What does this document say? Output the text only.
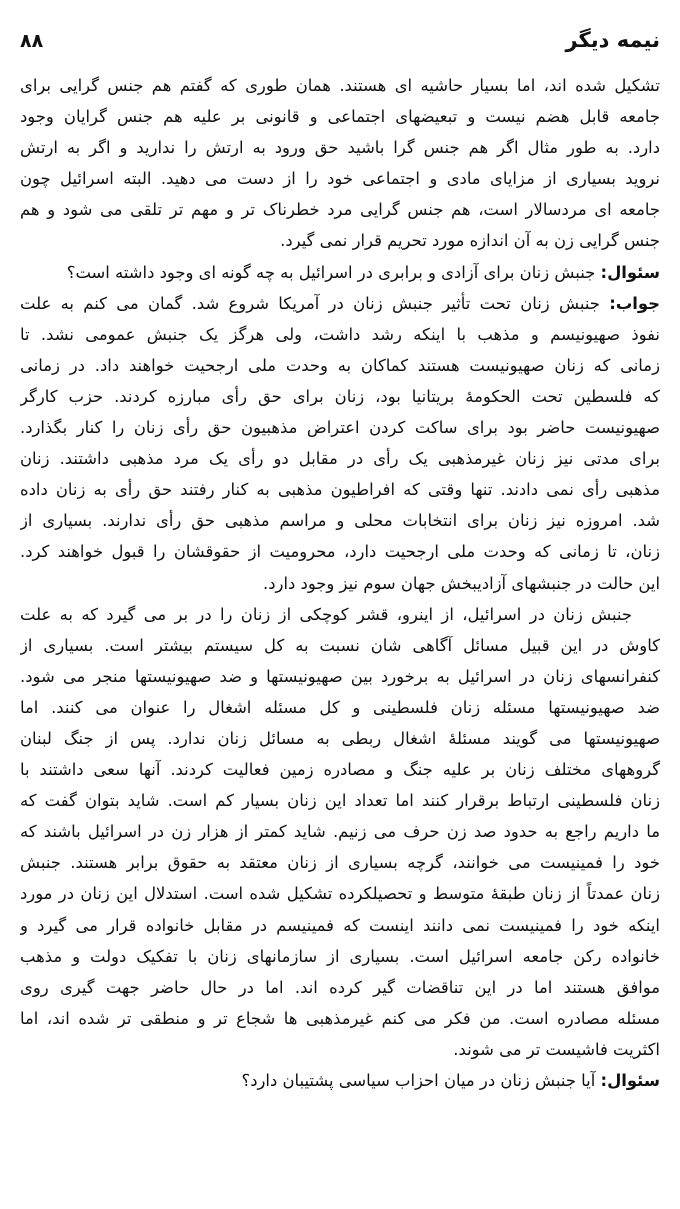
نیمه دیگر
۸۸
تشکیل شده اند، اما بسیار حاشیه ای هستند. همان طوری که گفتم هم جنس گرایی برای
جامعه قابل هضم نیست و تبعیضهای اجتماعی و قانونی بر علیه هم جنس گرایان وجود
دارد. به طور مثال اگر هم جنس گرا باشید حق ورود به ارتش را ندارید و اگر به ارتش
نروید بسیاری از مزایای مادی و اجتماعی خود را از دست می دهید. البته اسرائیل چون
جامعه ای مردسالار است، هم جنس گرایی مرد خطرناک تر و مهم تر تلقی می شود و هم
جنس گرایی زن به آن اندازه مورد تحریم قرار نمی گیرد.
سئوال: جنبش زنان برای آزادی و برابری در اسرائیل به چه گونه ای وجود داشته است؟
جواب: جنبش زنان تحت تأثیر جنبش زنان در آمریکا شروع شد. گمان می کنم به علت
نفوذ صهیونیسم و مذهب با اینکه رشد داشت، ولی هرگز یک جنبش عمومی نشد. تا
زمانی که زنان صهیونیست هستند کماکان به وحدت ملی ارجحیت خواهند داد. در زمانی
که فلسطین تحت الحکومهٔ بریتانیا بود، زنان برای حق رأی مبارزه کردند. حزب کارگر
صهیونیست حاضر بود برای ساکت کردن اعتراض مذهبیون حق رأی زنان را کنار بگذارد.
برای مدتی نیز زنان غیرمذهبی یک رأی در مقابل دو رأی یک مرد مذهبی داشتند. زنان
مذهبی رأی نمی دادند. تنها وقتی که افراطیون مذهبی به کنار رفتند حق رأی به زنان داده
شد. امروزه نیز زنان برای انتخابات محلی و مراسم مذهبی حق رأی ندارند. بسیاری از
زنان، تا زمانی که وحدت ملی ارجحیت دارد، محرومیت از حقوقشان را قبول خواهند کرد.
این حالت در جنبشهای آزادیبخش جهان سوم نیز وجود دارد.
جنبش زنان در اسرائیل، از اینرو، قشر کوچکی از زنان را در بر می گیرد که به علت
کاوش در این قبیل مسائل آگاهی شان نسبت به کل سیستم بیشتر است. بسیاری از
کنفرانسهای زنان در اسرائیل به برخورد بین صهیونیستها و ضد صهیونیستها منجر می شود.
ضد صهیونیستها مسئله زنان فلسطینی و کل مسئله اشغال را عنوان می کنند. اما
صهیونیستها می گویند مسئلهٔ اشغال ربطی به مسائل زنان ندارد. پس از جنگ لبنان
گروههای مختلف زنان بر علیه جنگ و مصادره زمین فعالیت کردند. آنها سعی داشتند با
زنان فلسطینی ارتباط برقرار کنند اما تعداد این زنان بسیار کم است. شاید بتوان گفت که
ما داریم راجع به حدود صد زن حرف می زنیم. شاید کمتر از هزار زن در اسرائیل باشند که
خود را فمینیست می خوانند، گرچه بسیاری از زنان معتقد به حقوق برابر هستند. جنبش
زنان عمدتاً از زنان طبقهٔ متوسط و تحصیلکرده تشکیل شده است. استدلال این زنان در مورد
اینکه خود را فمینیست نمی دانند اینست که فمینیسم در مقابل خانواده قرار می گیرد و
خانواده رکن جامعه اسرائیل است. بسیاری از سازمانهای زنان با تفکیک دولت و مذهب
موافق هستند اما در این تناقضات گیر کرده اند. اما در حال حاضر جهت گیری روی
مسئله مصادره است. من فکر می کنم غیرمذهبی ها شجاع تر و منطقی تر شده اند، اما
اکثریت فاشیست تر می شوند.
سئوال: آیا جنبش زنان در میان احزاب سیاسی پشتیبان دارد؟
